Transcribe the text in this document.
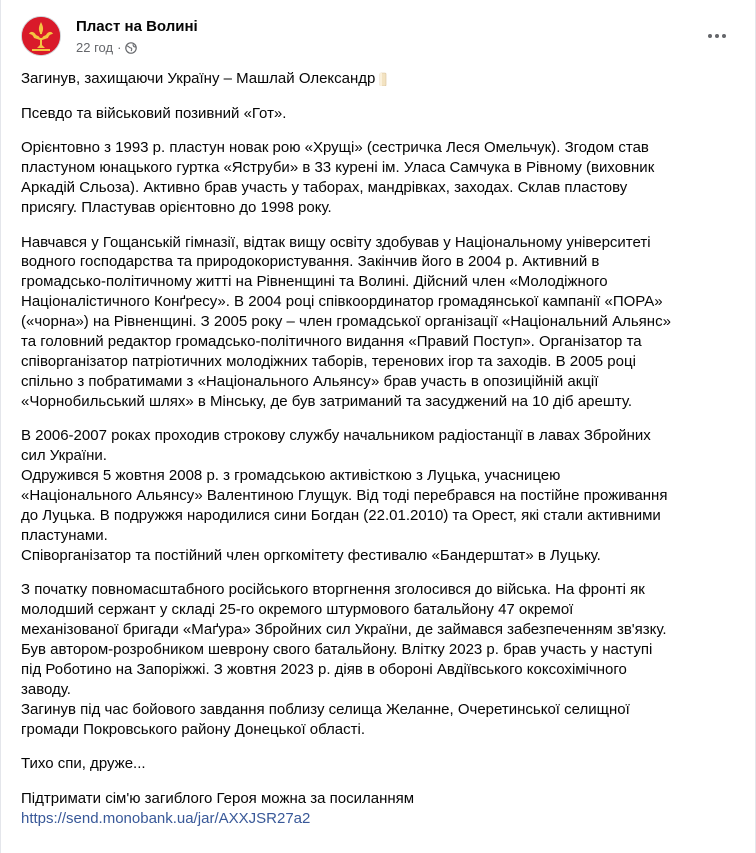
Пласт на Волині
22 год ·

Загинув, захищаючи Україну – Машлай Олександр

Псевдо та військовий позивний «Гот».

Орієнтовно з 1993 р. пластун новак рою «Хрущі» (сестричка Леся Омельчук). Згодом став
пластуном юнацького гуртка «Яструби» в 33 курені ім. Уласа Самчука в Рівному (виховник
Аркадій Сльоза). Активно брав участь у таборах, мандрівках, заходах. Склав пластову
присягу. Пластував орієнтовно до 1998 року.

Навчався у Гощанській гімназії, відтак вищу освіту здобував у Національному університеті
водного господарства та природокористування. Закінчив його в 2004 р. Активний в
громадсько-політичному житті на Рівненщині та Волині. Дійсний член «Молодіжного
Націоналістичного Конґресу». В 2004 році співкоординатор громадянської кампанії «ПОРА»
(«чорна») на Рівненщині. З 2005 року – член громадської організації «Національний Альянс»
та головний редактор громадсько-політичного видання «Правий Поступ». Організатор та
співорганізатор патріотичних молодіжних таборів, теренових ігор та заходів. В 2005 році
спільно з побратимами з «Національного Альянсу» брав участь в опозиційній акції
«Чорнобильський шлях» в Мінську, де був затриманий та засуджений на 10 діб арешту.

В 2006-2007 роках проходив строкову службу начальником радіостанції в лавах Збройних
сил України.
Одружився 5 жовтня 2008 р. з громадською активісткою з Луцька, учасницею
«Національного Альянсу» Валентиною Глущук. Від тоді перебрався на постійне проживання
до Луцька. В подружжя народилися сини Богдан (22.01.2010) та Орест, які стали активними
пластунами.
Співорганізатор та постійний член оргкомітету фестивалю «Бандерштат» в Луцьку.

З початку повномасштабного російського вторгнення зголосився до війська. На фронті як
молодший сержант у складі 25-го окремого штурмового батальйону 47 окремої
механізованої бригади «Маґура» Збройних сил України, де займався забезпеченням зв'язку.
Був автором-розробником шеврону свого батальйону. Влітку 2023 р. брав участь у наступі
під Роботино на Запоріжжі. З жовтня 2023 р. діяв в обороні Авдіївського коксохімічного
заводу.
Загинув під час бойового завдання поблизу селища Желанне, Очеретинської селищної
громади Покровського району Донецької області.

Тихо спи, друже...

Підтримати сім'ю загиблого Героя можна за посиланням
https://send.monobank.ua/jar/AXXJSR27a2
